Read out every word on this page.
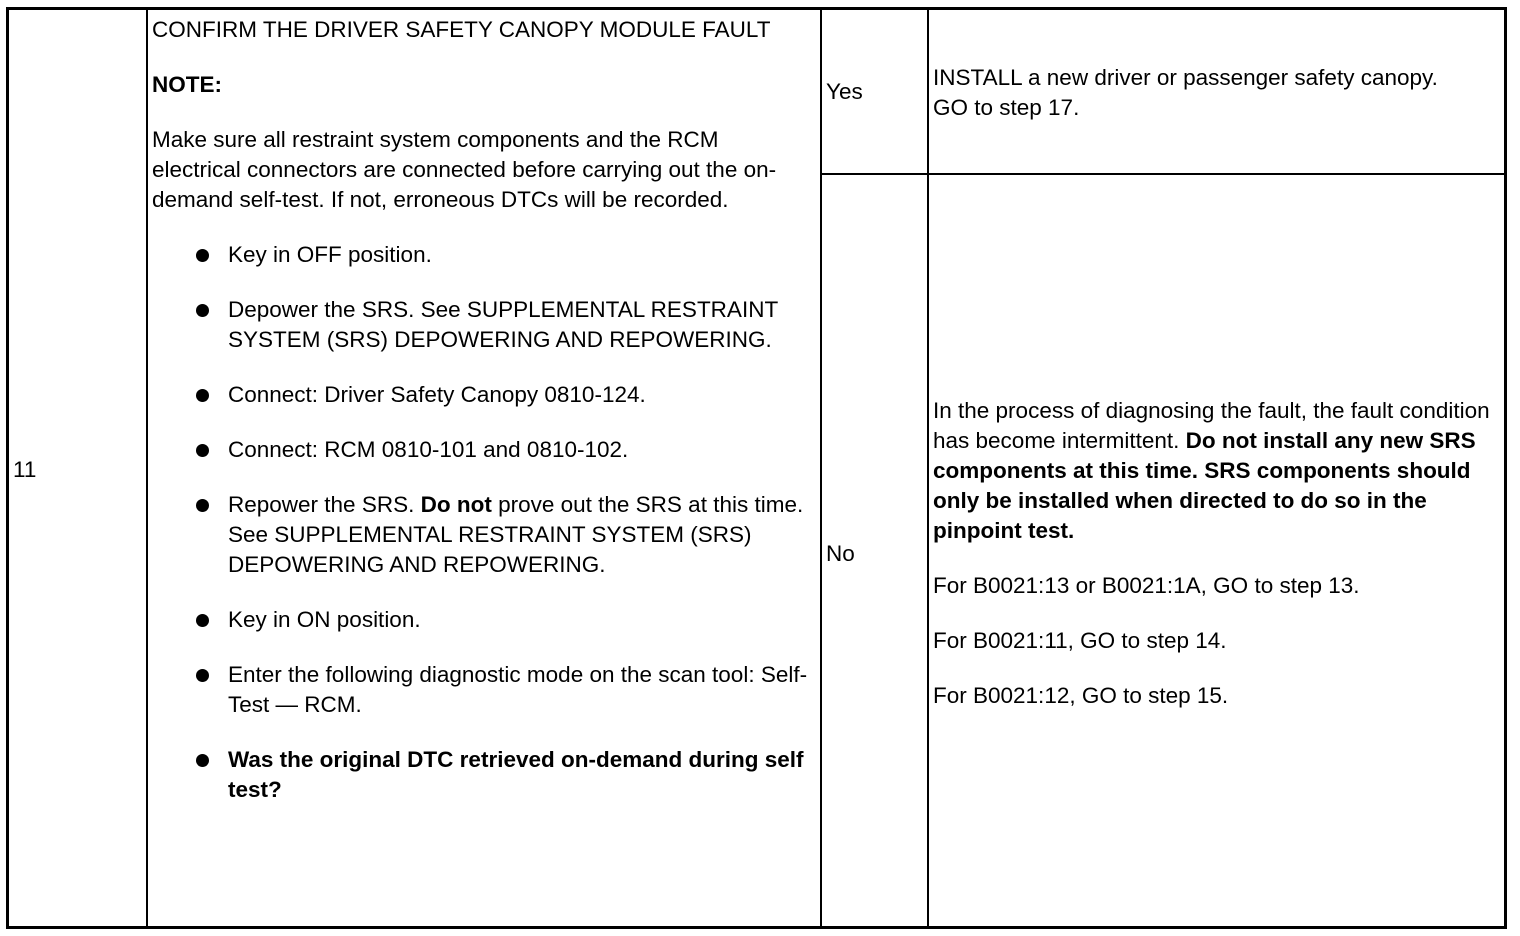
11

CONFIRM THE DRIVER SAFETY CANOPY MODULE FAULT

NOTE:

Make sure all restraint system components and the RCM electrical connectors are connected before carrying out the on-demand self-test. If not, erroneous DTCs will be recorded.

Key in OFF position.
Depower the SRS. See SUPPLEMENTAL RESTRAINT SYSTEM (SRS) DEPOWERING AND REPOWERING.
Connect: Driver Safety Canopy 0810-124.
Connect: RCM 0810-101 and 0810-102.
Repower the SRS. Do not prove out the SRS at this time. See SUPPLEMENTAL RESTRAINT SYSTEM (SRS) DEPOWERING AND REPOWERING.
Key in ON position.
Enter the following diagnostic mode on the scan tool: Self-Test — RCM.
Was the original DTC retrieved on-demand during self test?
Yes

INSTALL a new driver or passenger safety canopy.

GO to step 17.

No

In the process of diagnosing the fault, the fault condition has become intermittent. Do not install any new SRS components at this time. SRS components should only be installed when directed to do so in the pinpoint test.

For B0021:13 or B0021:1A, GO to step 13.

For B0021:11, GO to step 14.

For B0021:12, GO to step 15.
